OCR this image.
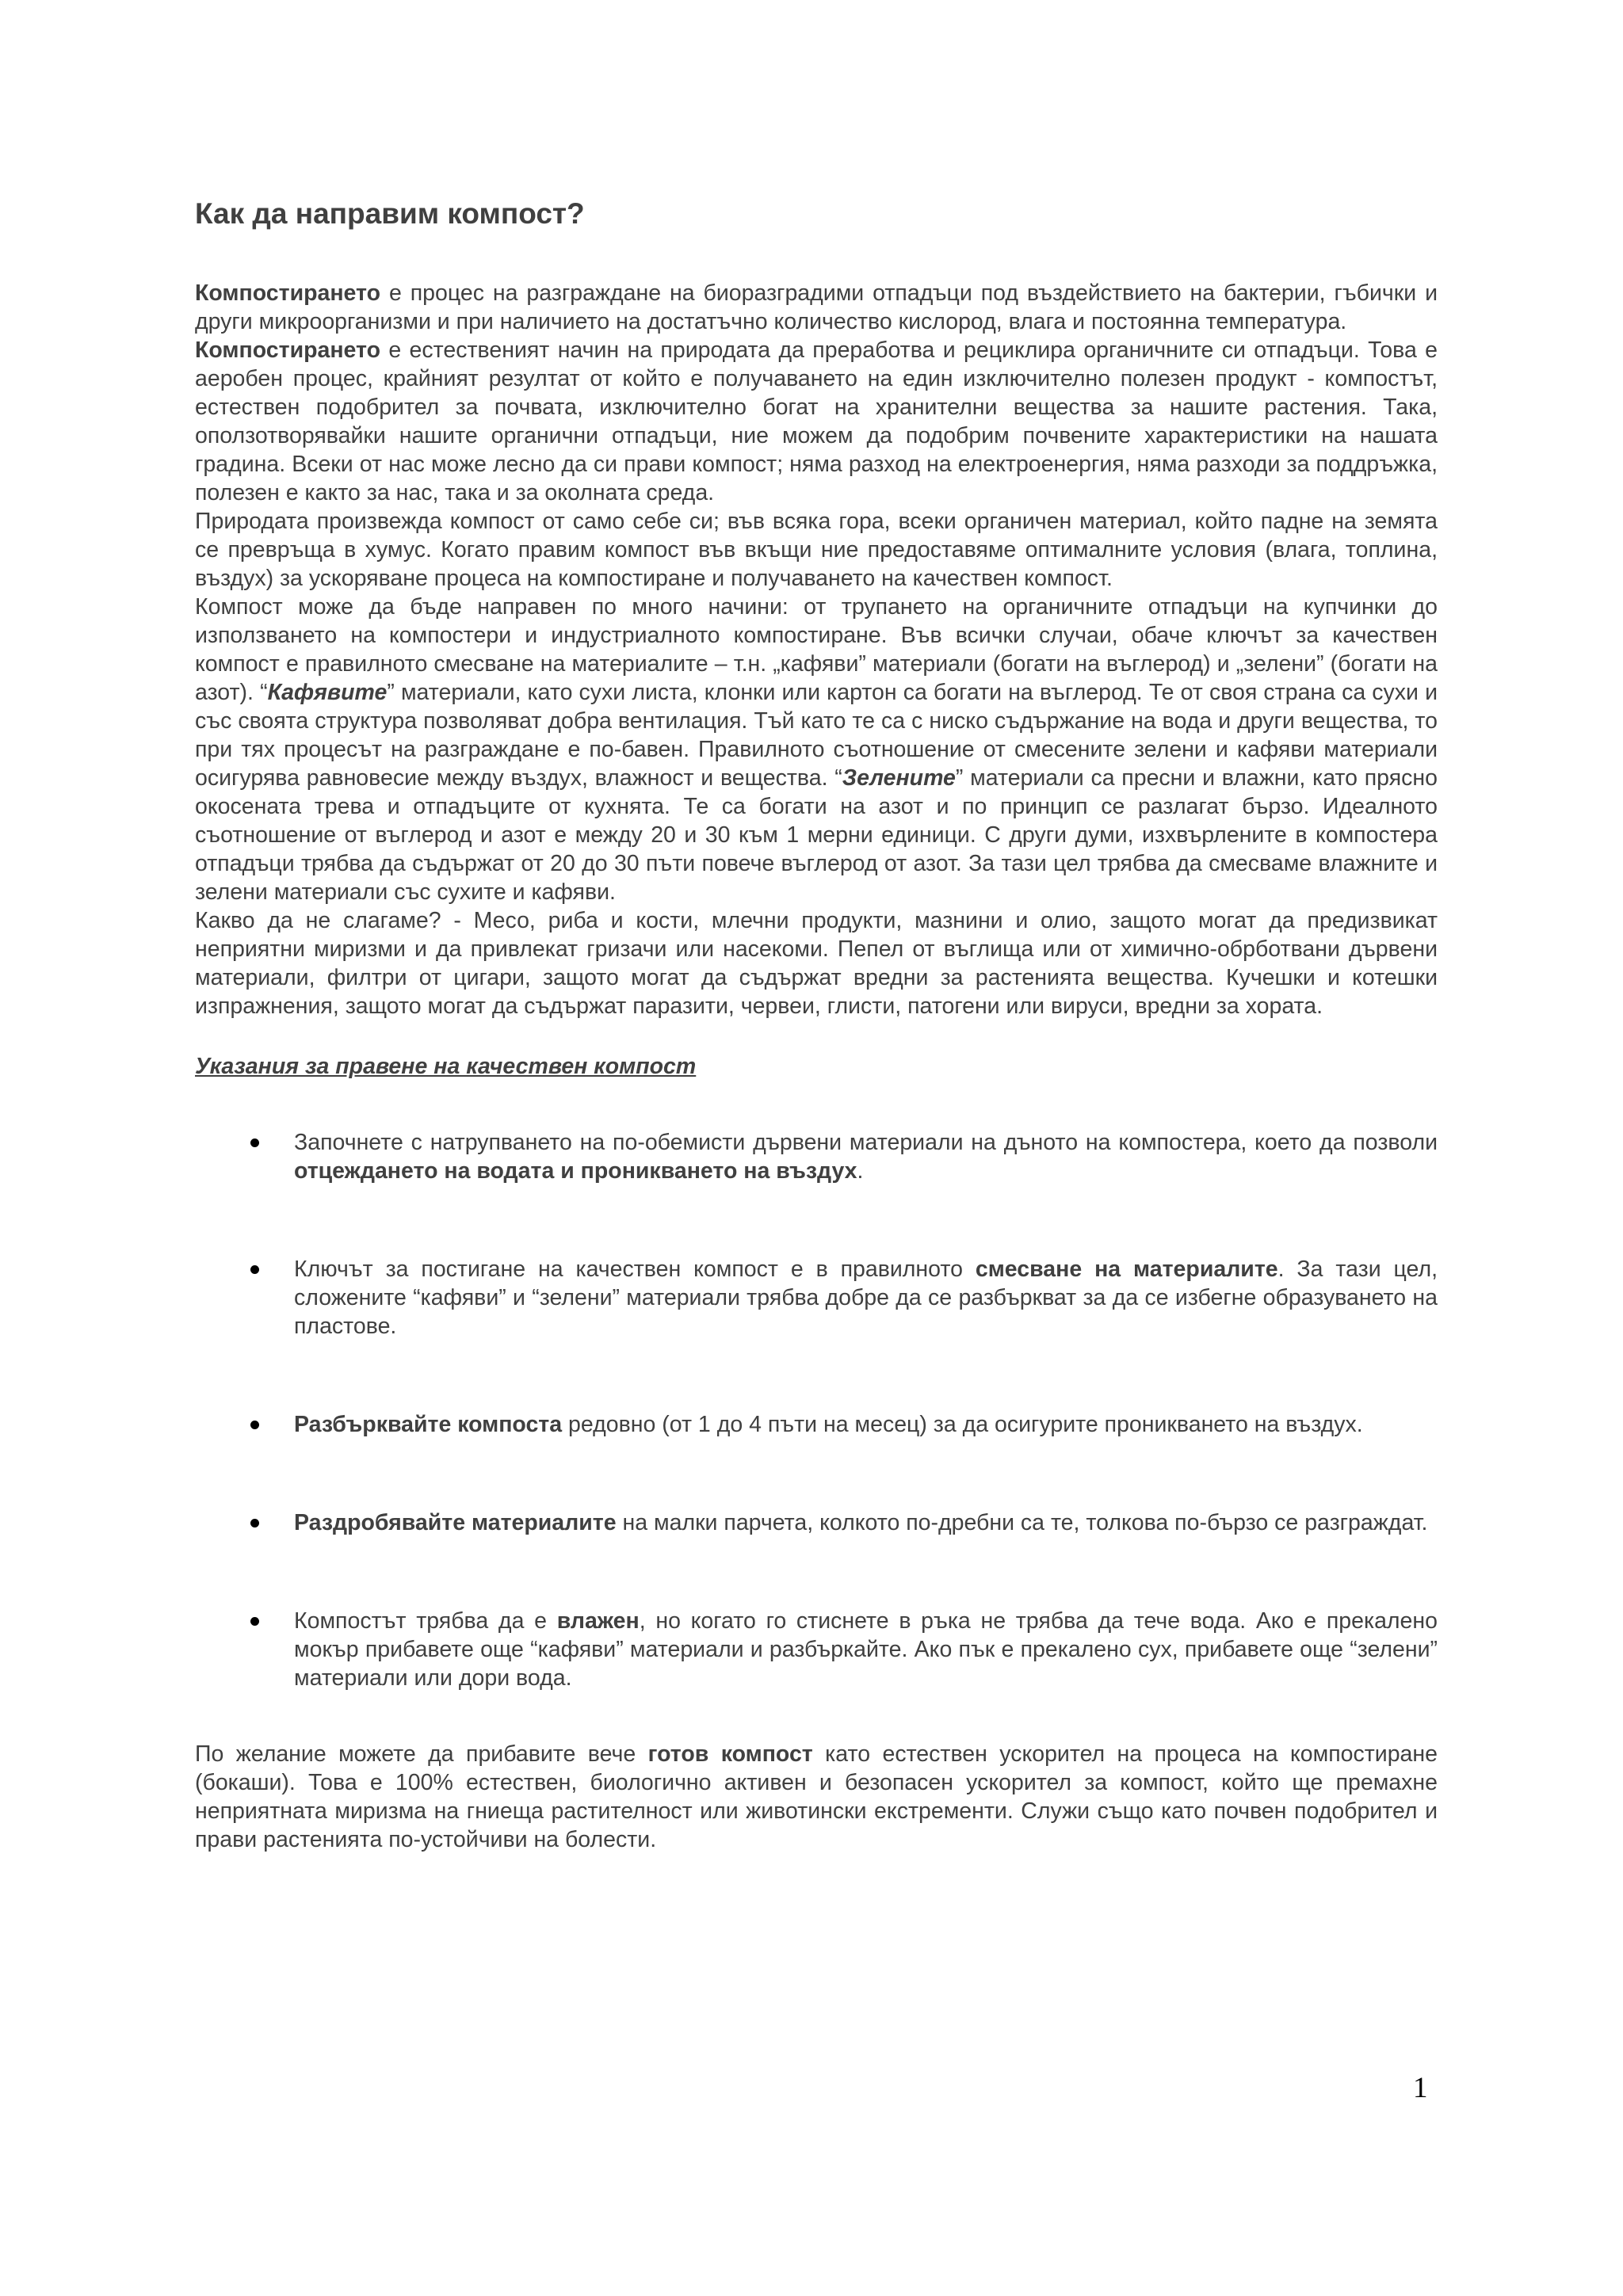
Как да направим компост?

Компостирането е процес на разграждане на биоразградими отпадъци под въздействието на бактерии, гъбички и други микроорганизми и при наличието на достатъчно количество кислород, влага и постоянна температура.

Компостирането е естественият начин на природата да преработва и рециклира органичните си отпадъци. Това е аеробен процес, крайният резултат от който е получаването на един изключително полезен продукт - компостът, естествен подобрител за почвата, изключително богат на хранителни вещества за нашите растения. Така, оползотворявайки нашите органични отпадъци, ние можем да подобрим почвените характеристики на нашата градина. Всеки от нас може лесно да си прави компост; няма разход на електроенергия, няма разходи за поддръжка, полезен е както за нас, така и за околната среда.

Природата произвежда компост от само себе си; във всяка гора, всеки органичен материал, който падне на земята се превръща в хумус. Когато правим компост във вкъщи ние предоставяме оптималните условия (влага, топлина, въздух) за ускоряване процеса на компостиране и получаването на качествен компост.

Компост може да бъде направен по много начини: от трупането на органичните отпадъци на купчинки до използването на компостери и индустриалното компостиране. Във всички случаи, обаче ключът за качествен компост е правилното смесване на материалите – т.н. „кафяви” материали (богати на въглерод) и „зелени” (богати на азот). “Кафявите” материали, като сухи листа, клонки или картон са богати на въглерод. Те от своя страна са сухи и със своята структура позволяват добра вентилация. Тъй като те са с ниско съдържание на вода и други вещества, то при тях процесът на разграждане е по-бавен. Правилното съотношение от смесените зелени и кафяви материали осигурява равновесие между въздух, влажност и вещества. “Зелените” материали са пресни и влажни, като прясно окосената трева и отпадъците от кухнята. Те са богати на азот и по принцип се разлагат бързо. Идеалното съотношение от въглерод и азот е между 20 и 30 към 1 мерни единици. С други думи, изхвърлените в компостера отпадъци трябва да съдържат от 20 до 30 пъти повече въглерод от азот. За тази цел трябва да смесваме влажните и зелени материали със сухите и кафяви.

Какво да не слагаме? - Месо, риба и кости, млечни продукти, мазнини и олио, защото могат да предизвикат неприятни миризми и да привлекат гризачи или насекоми. Пепел от въглища или от химично-обрботвани дървени материали, филтри от цигари, защото могат да съдържат вредни за растенията вещества. Кучешки и котешки изпражнения, защото могат да съдържат паразити, червеи, глисти, патогени или вируси, вредни за хората.

Указания за правене на качествен компост
Започнете с натрупването на по-обемисти дървени материали на дъното на компостера, което да позволи отцеждането на водата и проникването на въздух.
Ключът за постигане на качествен компост е в правилното смесване на материалите. За тази цел, сложените “кафяви” и “зелени” материали трябва добре да се разбъркват за да се избегне образуването на пластове.
Разбърквайте компоста редовно (от 1 до 4 пъти на месец) за да осигурите проникването на въздух.
Раздробявайте материалите на малки парчета, колкото по-дребни са те, толкова по-бързо се разграждат.
Компостът трябва да е влажен, но когато го стиснете в ръка не трябва да тече вода. Ако е прекалено мокър прибавете още “кафяви” материали и разбъркайте. Ако пък е прекалено сух, прибавете още “зелени” материали или дори вода.

По желание можете да прибавите вече готов компост като естествен ускорител на процеса на компостиране (бокаши). Това е 100% естествен, биологично активен и безопасен ускорител за компост, който ще премахне неприятната миризма на гниеща растителност или животински екстременти. Служи също като почвен подобрител и прави растенията по-устойчиви на болести.

1
